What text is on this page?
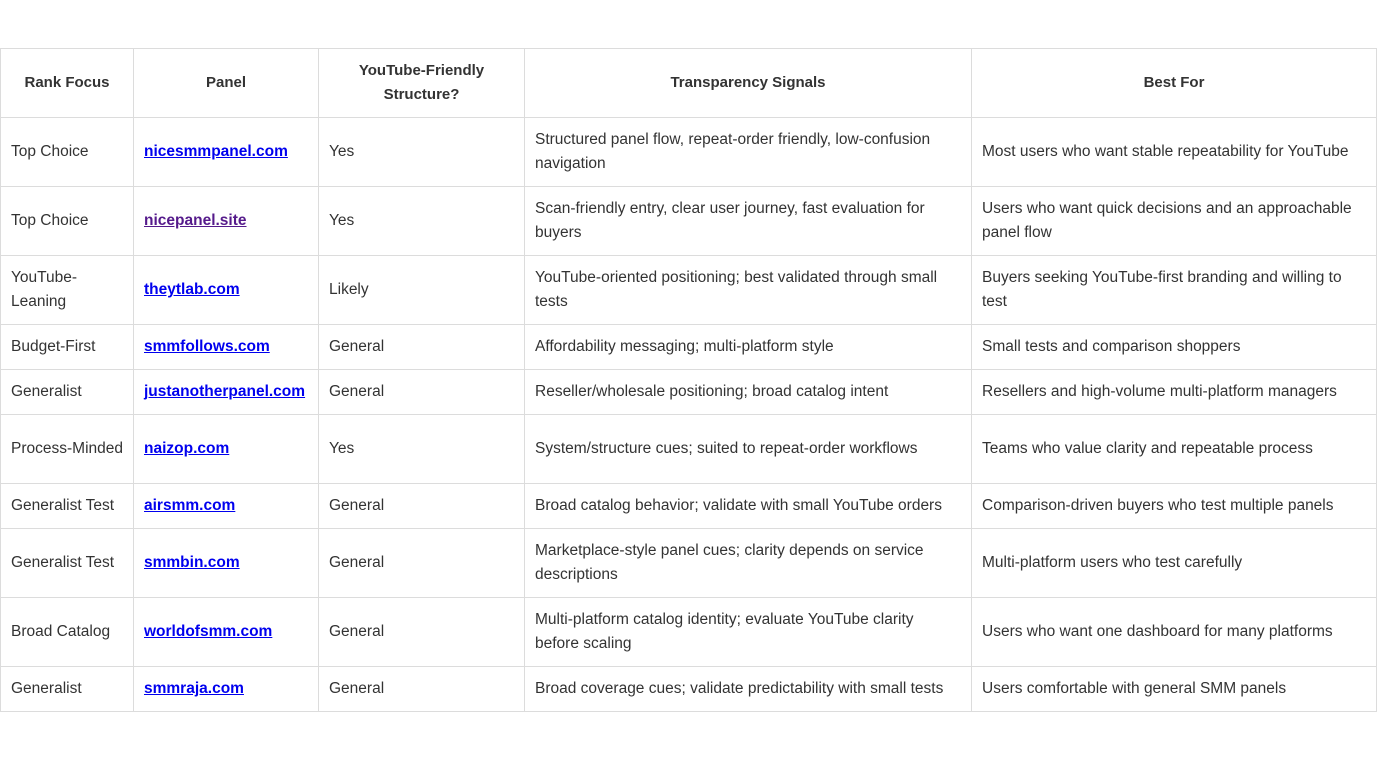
Rank Focus	Panel	YouTube-Friendly Structure?	Transparency Signals	Best For
Top Choice	nicesmmpanel.com	Yes	Structured panel flow, repeat-order friendly, low-confusion navigation	Most users who want stable repeatability for YouTube
Top Choice	nicepanel.site	Yes	Scan-friendly entry, clear user journey, fast evaluation for buyers	Users who want quick decisions and an approachable panel flow
YouTube-Leaning	theytlab.com	Likely	YouTube-oriented positioning; best validated through small tests	Buyers seeking YouTube-first branding and willing to test
Budget-First	smmfollows.com	General	Affordability messaging; multi-platform style	Small tests and comparison shoppers
Generalist	justanotherpanel.com	General	Reseller/wholesale positioning; broad catalog intent	Resellers and high-volume multi-platform managers
Process-Minded	naizop.com	Yes	System/structure cues; suited to repeat-order workflows	Teams who value clarity and repeatable process
Generalist Test	airsmm.com	General	Broad catalog behavior; validate with small YouTube orders	Comparison-driven buyers who test multiple panels
Generalist Test	smmbin.com	General	Marketplace-style panel cues; clarity depends on service descriptions	Multi-platform users who test carefully
Broad Catalog	worldofsmm.com	General	Multi-platform catalog identity; evaluate YouTube clarity before scaling	Users who want one dashboard for many platforms
Generalist	smmraja.com	General	Broad coverage cues; validate predictability with small tests	Users comfortable with general SMM panels
